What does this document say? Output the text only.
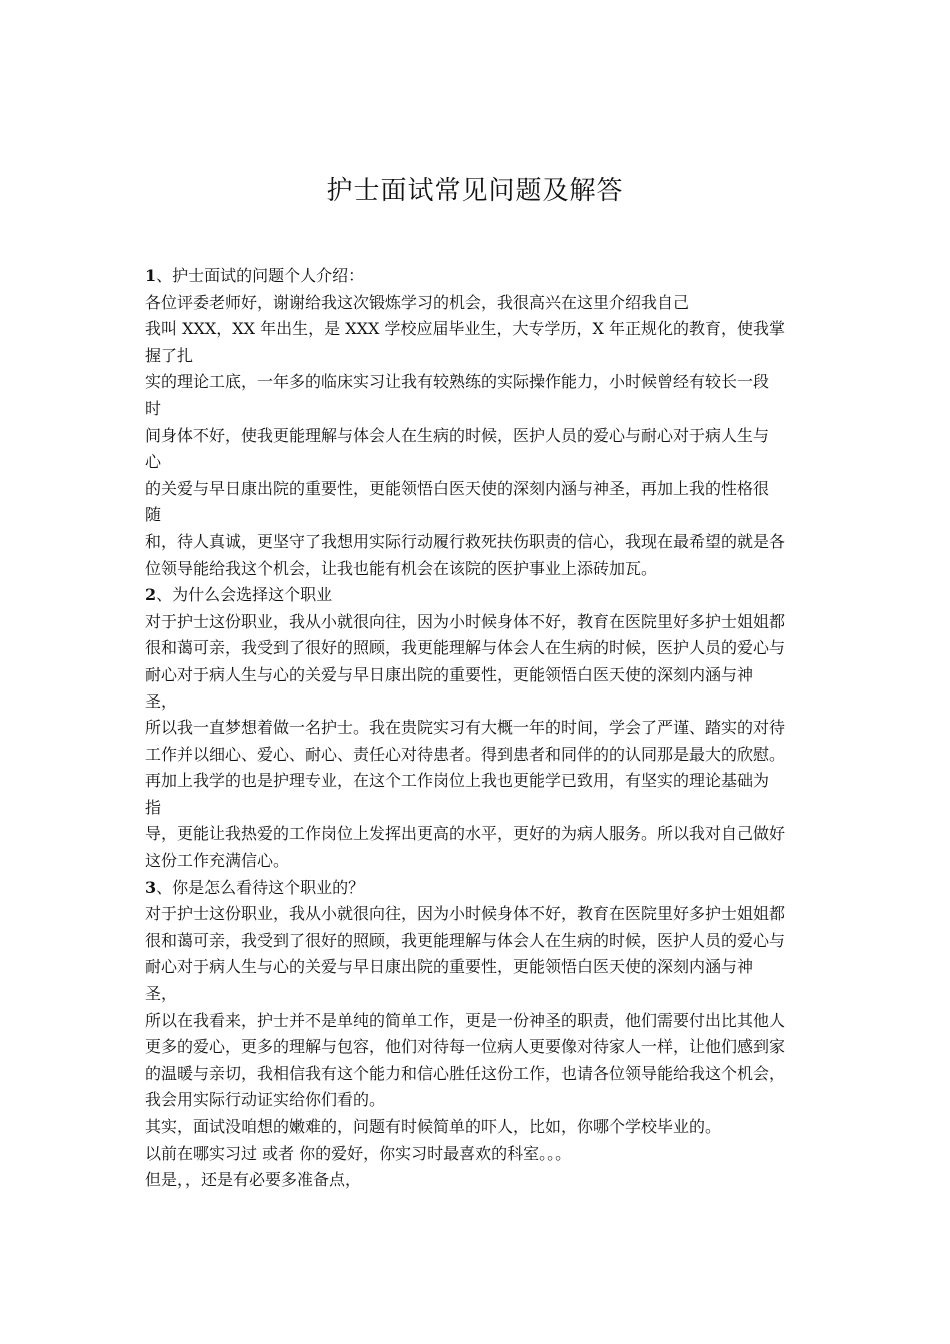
护士面试常见问题及解答
1、护士面试的问题个人介绍：
各位评委老师好，谢谢给我这次锻炼学习的机会，我很高兴在这里介绍我自己
我叫 XXX，XX 年出生，是 XXX 学校应届毕业生，大专学历，X 年正规化的教育，使我掌
握了扎
实的理论工底，一年多的临床实习让我有较熟练的实际操作能力，小时候曾经有较长一段
时
间身体不好，使我更能理解与体会人在生病的时候，医护人员的爱心与耐心对于病人生与
心
的关爱与早日康出院的重要性，更能领悟白医天使的深刻内涵与神圣，再加上我的性格很
随
和，待人真诚，更坚守了我想用实际行动履行救死扶伤职责的信心，我现在最希望的就是各
位领导能给我这个机会，让我也能有机会在该院的医护事业上添砖加瓦。
2、为什么会选择这个职业
对于护士这份职业，我从小就很向往，因为小时候身体不好，教育在医院里好多护士姐姐都
很和蔼可亲，我受到了很好的照顾，我更能理解与体会人在生病的时候，医护人员的爱心与
耐心对于病人生与心的关爱与早日康出院的重要性，更能领悟白医天使的深刻内涵与神
圣，
所以我一直梦想着做一名护士。我在贵院实习有大概一年的时间，学会了严谨、踏实的对待
工作并以细心、爱心、耐心、责任心对待患者。得到患者和同伴的的认同那是最大的欣慰。
再加上我学的也是护理专业，在这个工作岗位上我也更能学已致用，有坚实的理论基础为
指
导，更能让我热爱的工作岗位上发挥出更高的水平，更好的为病人服务。所以我对自己做好
这份工作充满信心。
3、你是怎么看待这个职业的？
对于护士这份职业，我从小就很向往，因为小时候身体不好，教育在医院里好多护士姐姐都
很和蔼可亲，我受到了很好的照顾，我更能理解与体会人在生病的时候，医护人员的爱心与
耐心对于病人生与心的关爱与早日康出院的重要性，更能领悟白医天使的深刻内涵与神
圣，
所以在我看来，护士并不是单纯的简单工作，更是一份神圣的职责，他们需要付出比其他人
更多的爱心，更多的理解与包容，他们对待每一位病人更要像对待家人一样，让他们感到家
的温暖与亲切，我相信我有这个能力和信心胜任这份工作，也请各位领导能给我这个机会，
我会用实际行动证实给你们看的。
其实，面试没咱想的嫩难的，问题有时候简单的吓人，比如，你哪个学校毕业的。
以前在哪实习过 或者 你的爱好，你实习时最喜欢的科室。。。
但是，，还是有必要多准备点，
